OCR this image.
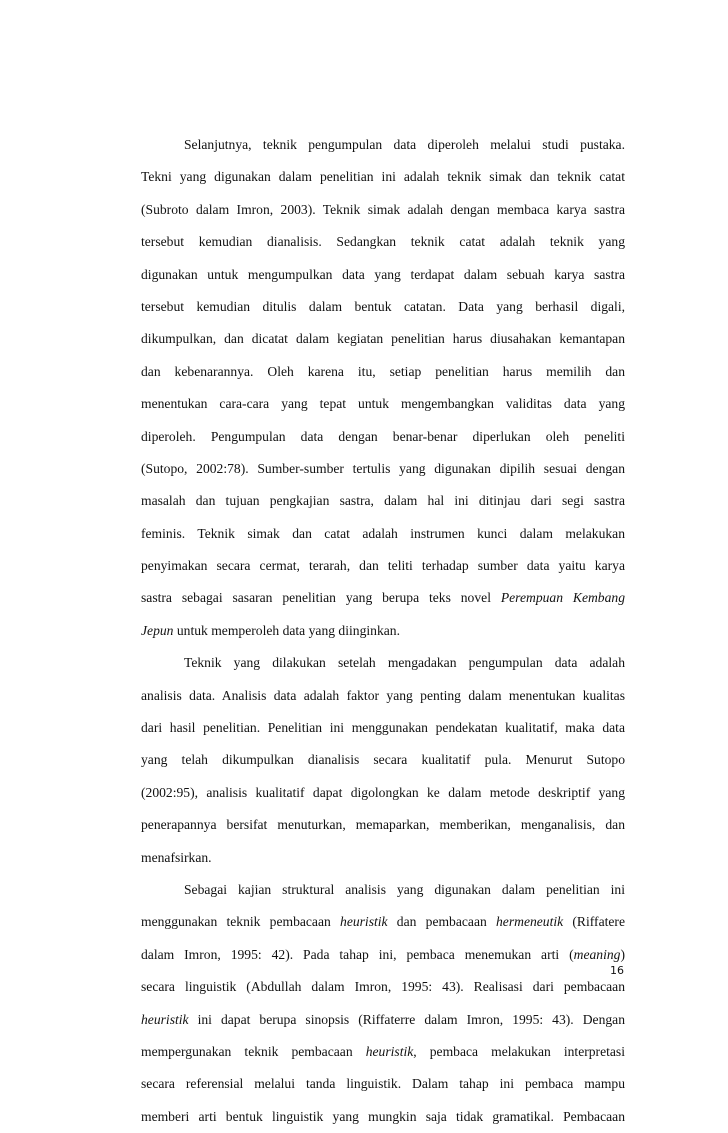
Selanjutnya, teknik pengumpulan data diperoleh melalui studi pustaka.
Tekni yang digunakan dalam penelitian ini adalah teknik simak dan teknik catat
(Subroto dalam Imron, 2003). Teknik simak adalah dengan membaca karya sastra
tersebut kemudian dianalisis. Sedangkan teknik catat adalah teknik yang
digunakan untuk mengumpulkan data yang terdapat dalam sebuah karya sastra
tersebut kemudian ditulis dalam bentuk catatan. Data yang berhasil digali,
dikumpulkan, dan dicatat dalam kegiatan penelitian harus diusahakan kemantapan
dan kebenarannya. Oleh karena itu, setiap penelitian harus memilih dan
menentukan cara-cara yang tepat untuk mengembangkan validitas data yang
diperoleh. Pengumpulan data dengan benar-benar diperlukan oleh peneliti
(Sutopo, 2002:78). Sumber-sumber tertulis yang digunakan dipilih sesuai dengan
masalah dan tujuan pengkajian sastra, dalam hal ini ditinjau dari segi sastra
feminis. Teknik simak dan catat adalah instrumen kunci dalam melakukan
penyimakan secara cermat, terarah, dan teliti terhadap sumber data yaitu karya
sastra sebagai sasaran penelitian yang berupa teks novel Perempuan Kembang
Jepun untuk memperoleh data yang diinginkan.
Teknik yang dilakukan setelah mengadakan pengumpulan data adalah
analisis data. Analisis data adalah faktor yang penting dalam menentukan kualitas
dari hasil penelitian. Penelitian ini menggunakan pendekatan kualitatif, maka data
yang telah dikumpulkan dianalisis secara kualitatif pula. Menurut Sutopo
(2002:95), analisis kualitatif dapat digolongkan ke dalam metode deskriptif yang
penerapannya bersifat menuturkan, memaparkan, memberikan, menganalisis, dan
menafsirkan.
Sebagai kajian struktural analisis yang digunakan dalam penelitian ini
menggunakan teknik pembacaan heuristik dan pembacaan hermeneutik (Riffatere
dalam Imron, 1995: 42). Pada tahap ini, pembaca menemukan arti (meaning)
secara linguistik (Abdullah dalam Imron, 1995: 43). Realisasi dari pembacaan
heuristik ini dapat berupa sinopsis (Riffaterre dalam Imron, 1995: 43). Dengan
mempergunakan teknik pembacaan heuristik, pembaca melakukan interpretasi
secara referensial melalui tanda linguistik. Dalam tahap ini pembaca mampu
memberi arti bentuk linguistik yang mungkin saja tidak gramatikal. Pembacaan
16
